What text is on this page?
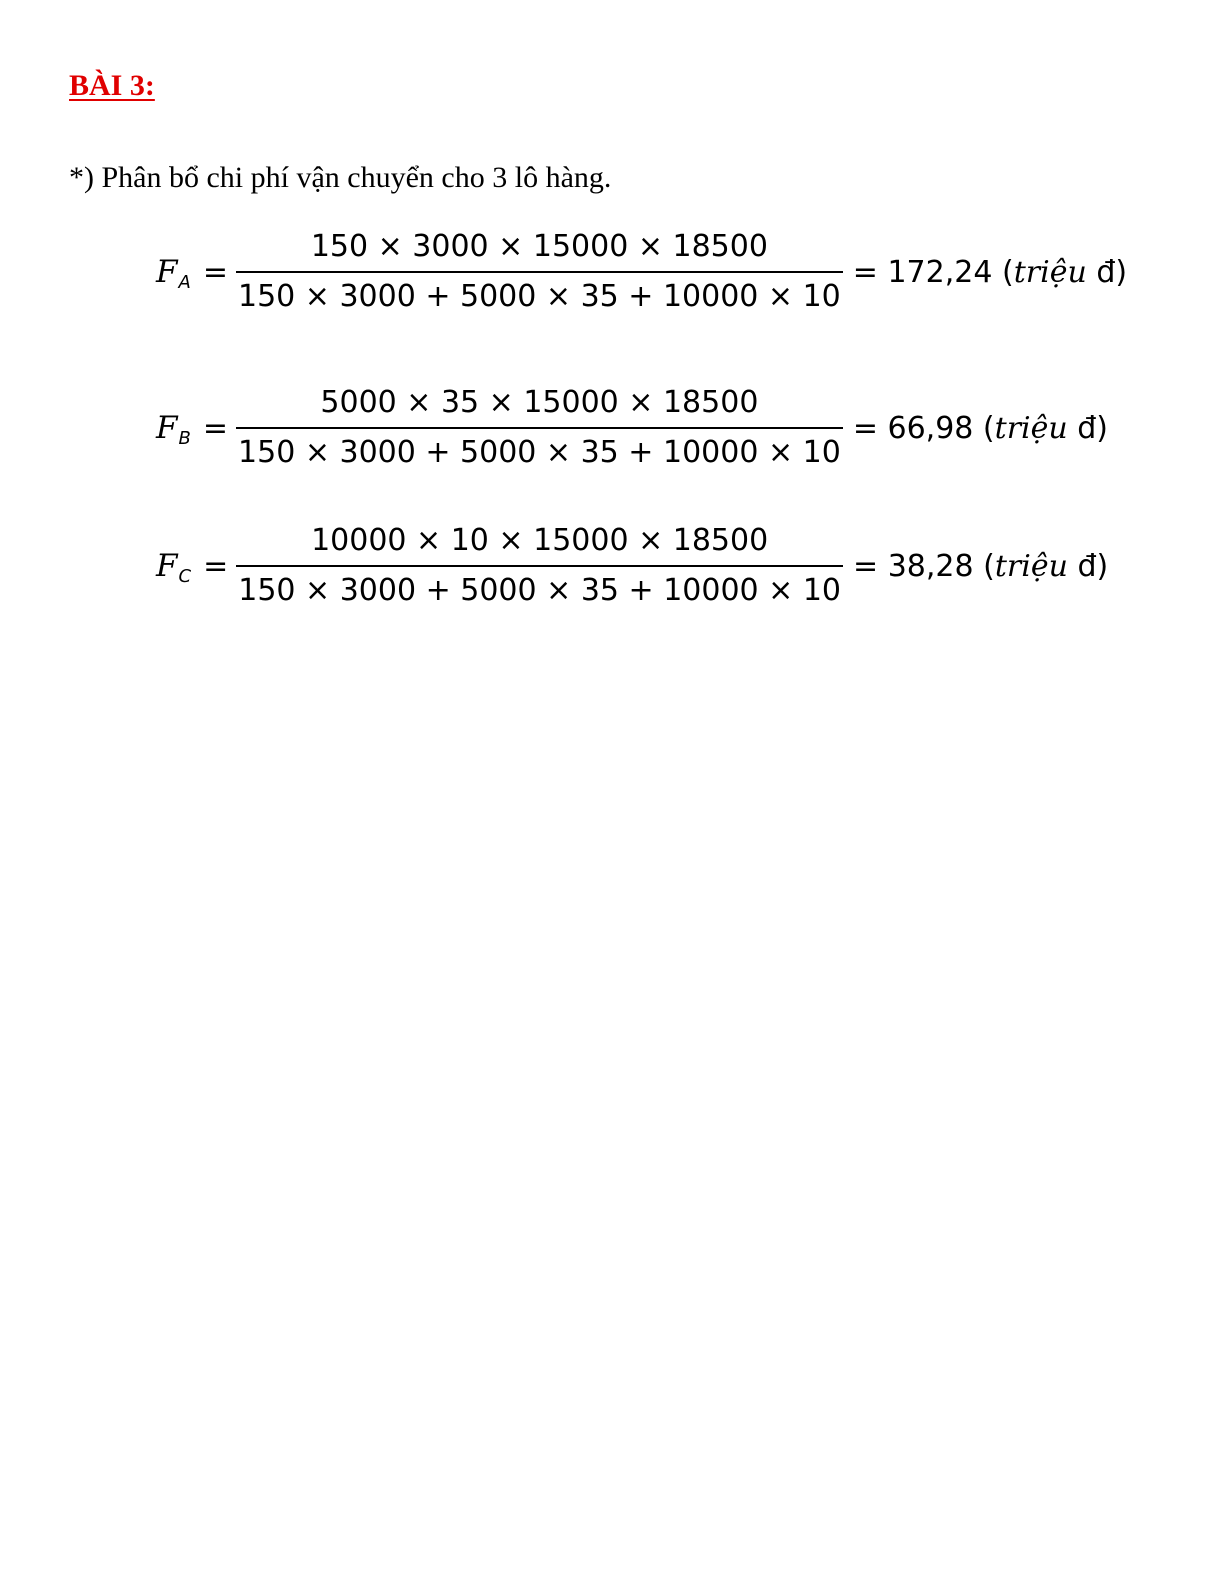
BÀI 3:
*) Phân bổ chi phí vận chuyển cho 3 lô hàng.
F $A = \frac{150 \times 3000 \times 15000 \times 18500}{150 \times 3000 + 5000 \times 35 + 10000 \times 10} = 172,24$ (triệu đ)
F $B = \frac{5000 \times 35 \times 15000 \times 18500}{150 \times 3000 + 5000 \times 35 + 10000 \times 10} = 66,98$ (triệu đ)
F $C = \frac{10000 \times 10 \times 15000 \times 18500}{150 \times 3000 + 5000 \times 35 + 10000 \times 10} = 38,28$ (triệu đ)
